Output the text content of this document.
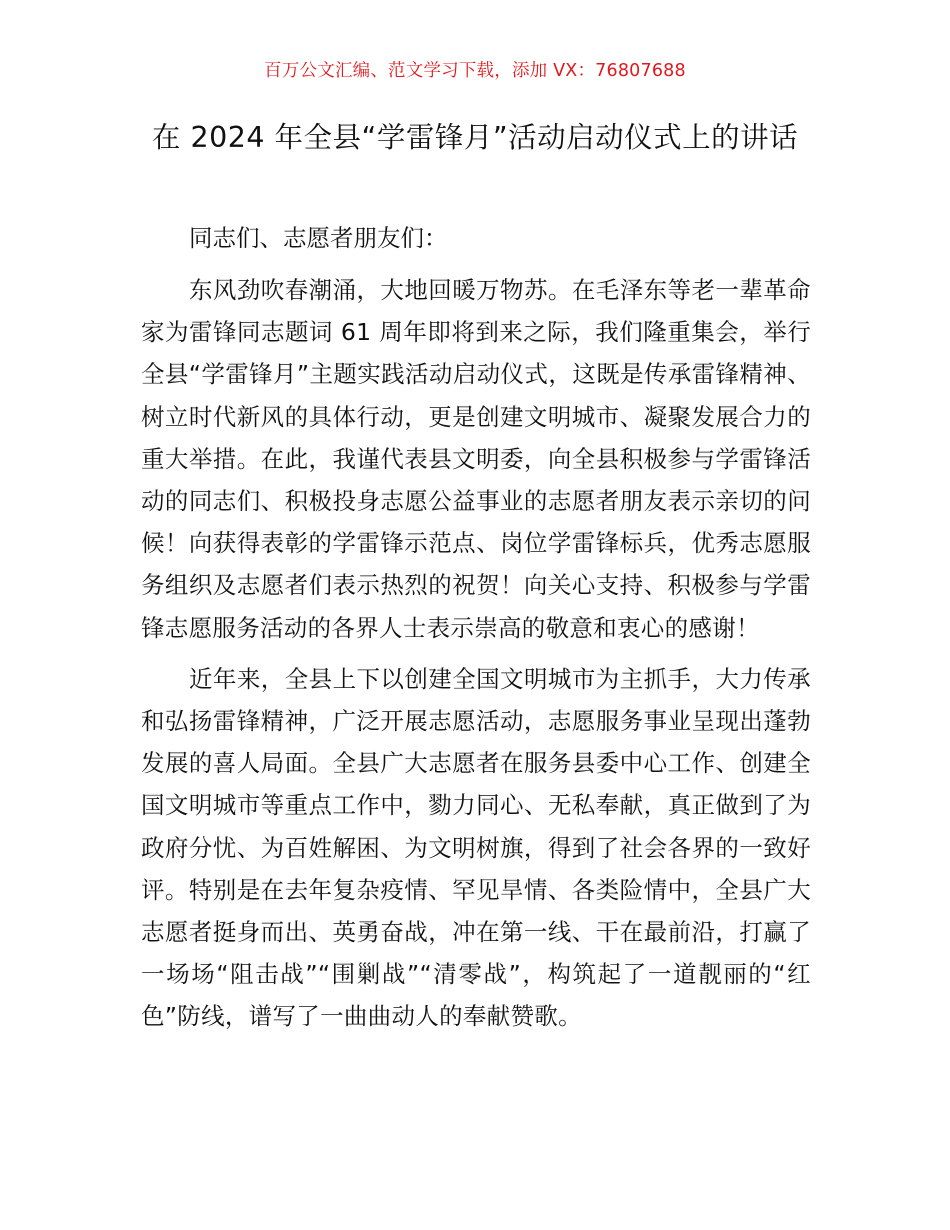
百万公文汇编、范文学习下载，添加 VX：76807688
在 2024 年全县“学雷锋月”活动启动仪式上的讲话

同志们、志愿者朋友们：

东风劲吹春潮涌，大地回暖万物苏。在毛泽东等老一辈革命家为雷锋同志题词 61 周年即将到来之际，我们隆重集会，举行全县“学雷锋月”主题实践活动启动仪式，这既是传承雷锋精神、树立时代新风的具体行动，更是创建文明城市、凝聚发展合力的重大举措。在此，我谨代表县文明委，向全县积极参与学雷锋活动的同志们、积极投身志愿公益事业的志愿者朋友表示亲切的问候！向获得表彰的学雷锋示范点、岗位学雷锋标兵，优秀志愿服务组织及志愿者们表示热烈的祝贺！向关心支持、积极参与学雷锋志愿服务活动的各界人士表示崇高的敬意和衷心的感谢！

近年来，全县上下以创建全国文明城市为主抓手，大力传承和弘扬雷锋精神，广泛开展志愿活动，志愿服务事业呈现出蓬勃发展的喜人局面。全县广大志愿者在服务县委中心工作、创建全国文明城市等重点工作中，勠力同心、无私奉献，真正做到了为政府分忧、为百姓解困、为文明树旗，得到了社会各界的一致好评。特别是在去年复杂疫情、罕见旱情、各类险情中，全县广大志愿者挺身而出、英勇奋战，冲在第一线、干在最前沿，打赢了一场场“阻击战”“围剿战”“清零战”，构筑起了一道靓丽的“红色”防线，谱写了一曲曲动人的奉献赞歌。
